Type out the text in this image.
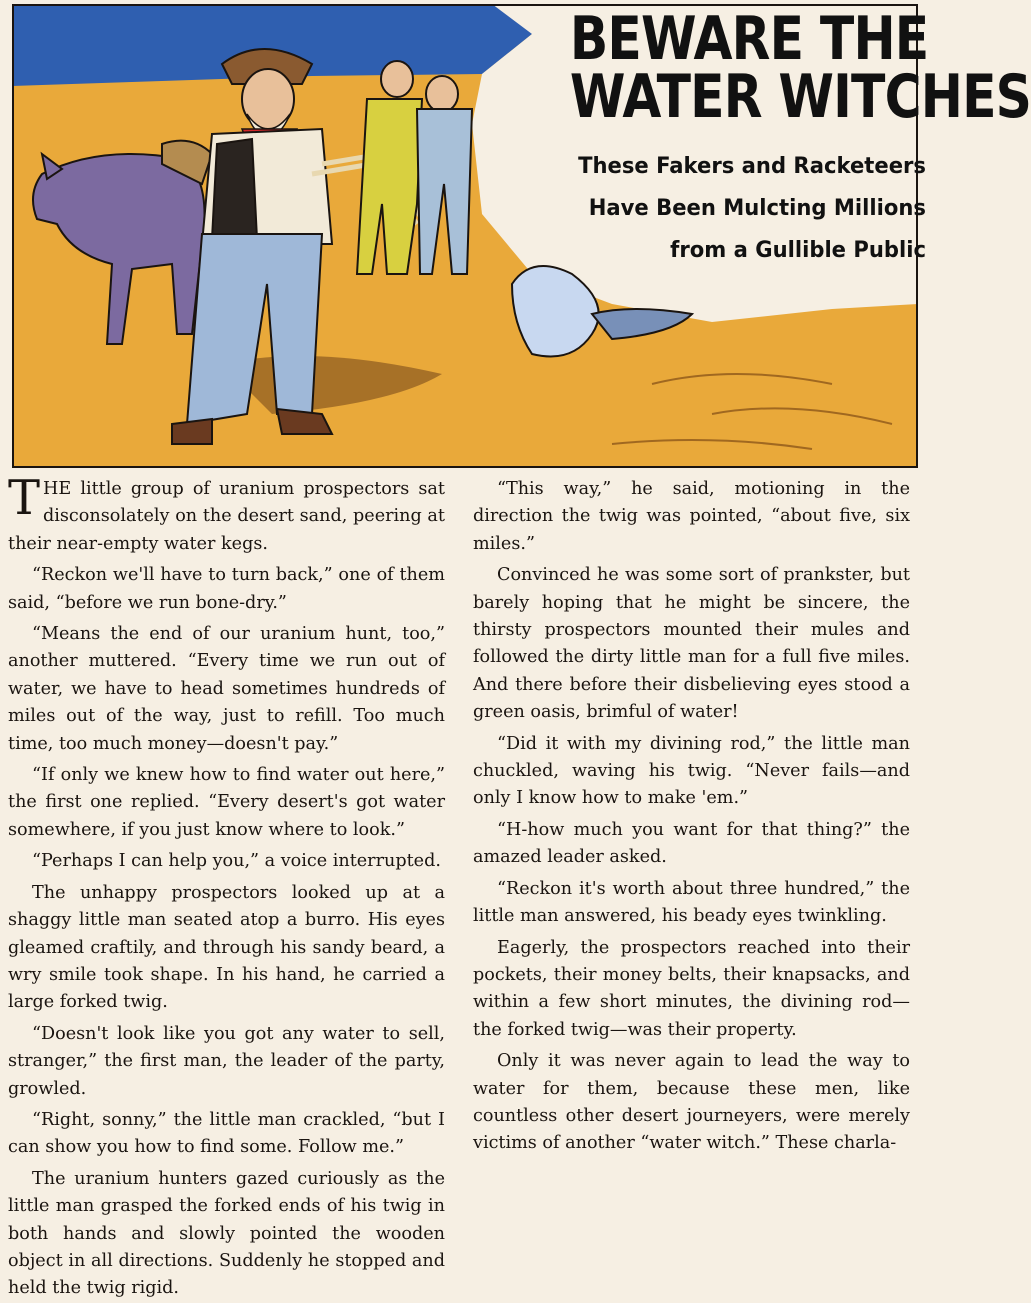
BEWARE THE
WATER WITCHES
These Fakers and Racketeers
Have Been Mulcting Millions
from a Gullible Public

THE little group of uranium prospectors sat disconsolately on the desert sand, peering at their near-empty water kegs.

“Reckon we'll have to turn back,” one of them said, “before we run bone-dry.”

“Means the end of our uranium hunt, too,” another muttered. “Every time we run out of water, we have to head sometimes hundreds of miles out of the way, just to refill. Too much time, too much money—doesn't pay.”

“If only we knew how to find water out here,” the first one replied. “Every desert's got water somewhere, if you just know where to look.”

“Perhaps I can help you,” a voice interrupted.

The unhappy prospectors looked up at a shaggy little man seated atop a burro. His eyes gleamed craftily, and through his sandy beard, a wry smile took shape. In his hand, he carried a large forked twig.

“Doesn't look like you got any water to sell, stranger,” the first man, the leader of the party, growled.

“Right, sonny,” the little man crackled, “but I can show you how to find some. Follow me.”

The uranium hunters gazed curiously as the little man grasped the forked ends of his twig in both hands and slowly pointed the wooden object in all directions. Suddenly he stopped and held the twig rigid.

“This way,” he said, motioning in the direction the twig was pointed, “about five, six miles.”

Convinced he was some sort of prankster, but barely hoping that he might be sincere, the thirsty prospectors mounted their mules and followed the dirty little man for a full five miles. And there before their disbelieving eyes stood a green oasis, brimful of water!

“Did it with my divining rod,” the little man chuckled, waving his twig. “Never fails—and only I know how to make 'em.”

“H-how much you want for that thing?” the amazed leader asked.

“Reckon it's worth about three hundred,” the little man answered, his beady eyes twinkling.

Eagerly, the prospectors reached into their pockets, their money belts, their knapsacks, and within a few short minutes, the divining rod—the forked twig—was their property.

Only it was never again to lead the way to water for them, because these men, like countless other desert journeyers, were merely victims of another “water witch.” These charla-
